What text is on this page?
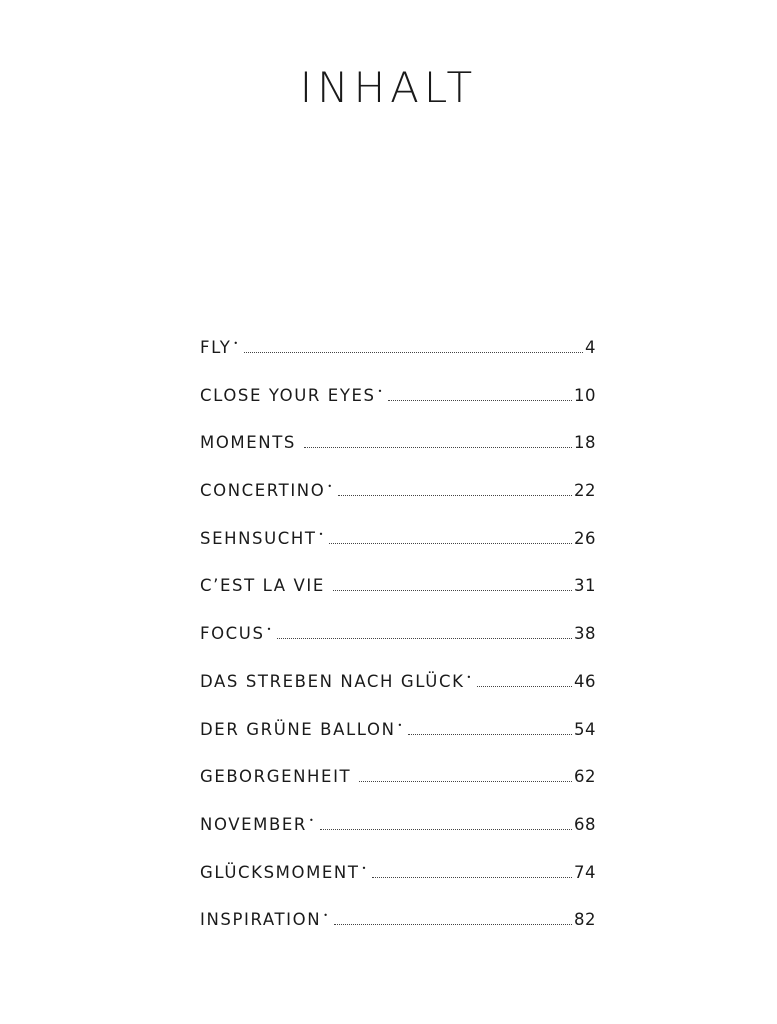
INHALT
FLY •	4
CLOSE YOUR EYES •	10
MOMENTS	18
CONCERTINO •	22
SEHNSUCHT •	26
C’EST LA VIE	31
FOCUS •	38
DAS STREBEN NACH GLÜCK •	46
DER GRÜNE BALLON •	54
GEBORGENHEIT	62
NOVEMBER •	68
GLÜCKSMOMENT •	74
INSPIRATION •	82
